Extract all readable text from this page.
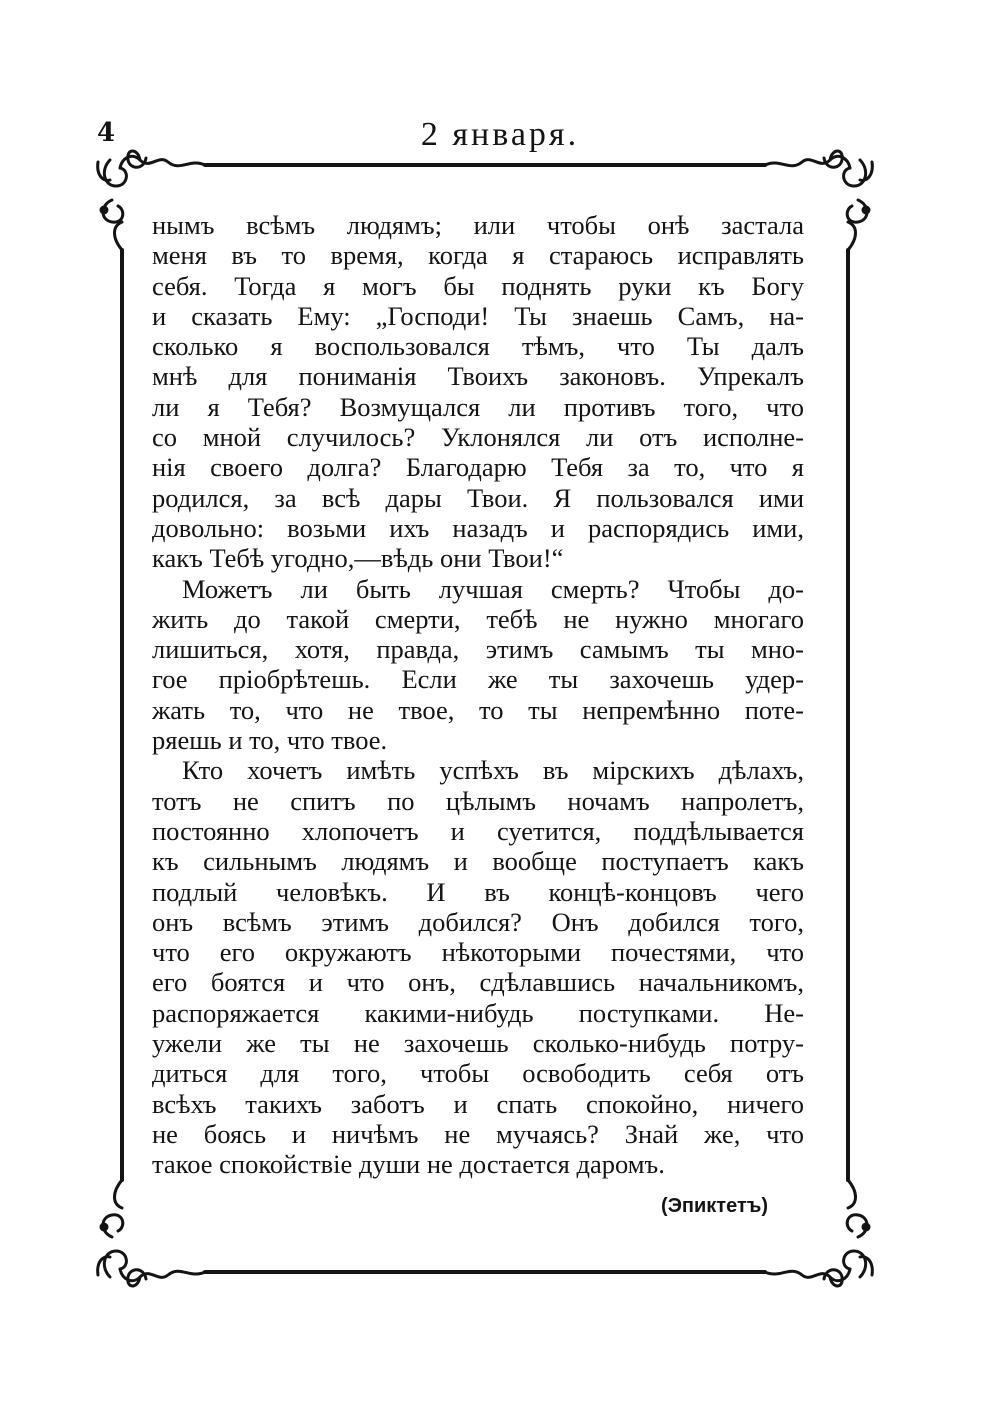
4	2 января.
нымъ всѣмъ людямъ; или чтобы онѣ застала
меня въ то время, когда я стараюсь исправлять
себя. Тогда я могъ бы поднять руки къ Богу
и сказать Ему: „Господи! Ты знаешь Самъ, на-
сколько я воспользовался тѣмъ, что Ты далъ
мнѣ для пониманія Твоихъ законовъ. Упрекалъ
ли я Тебя? Возмущался ли противъ того, что
со мной случилось? Уклонялся ли отъ исполне-
нія своего долга? Благодарю Тебя за то, что я
родился, за всѣ дары Твои. Я пользовался ими
довольно: возьми ихъ назадъ и распорядись ими,
какъ Тебѣ угодно,—вѣдь они Твои!“
Можетъ ли быть лучшая смерть? Чтобы до-
жить до такой смерти, тебѣ не нужно многаго
лишиться, хотя, правда, этимъ самымъ ты мно-
гое пріобрѣтешь. Если же ты захочешь удер-
жать то, что не твое, то ты непремѣнно поте-
ряешь и то, что твое.
Кто хочетъ имѣть успѣхъ въ мірскихъ дѣлахъ,
тотъ не спитъ по цѣлымъ ночамъ напролетъ,
постоянно хлопочетъ и суетится, поддѣлывается
къ сильнымъ людямъ и вообще поступаетъ какъ
подлый человѣкъ. И въ концѣ-концовъ чего
онъ всѣмъ этимъ добился? Онъ добился того,
что его окружаютъ нѣкоторыми почестями, что
его боятся и что онъ, сдѣлавшись начальникомъ,
распоряжается какими-нибудь поступками. Не-
ужели же ты не захочешь сколько-нибудь потру-
диться для того, чтобы освободить себя отъ
всѣхъ такихъ заботъ и спать спокойно, ничего
не боясь и ничѣмъ не мучаясь? Знай же, что
такое спокойствіе души не достается даромъ.
(Эпиктетъ)
